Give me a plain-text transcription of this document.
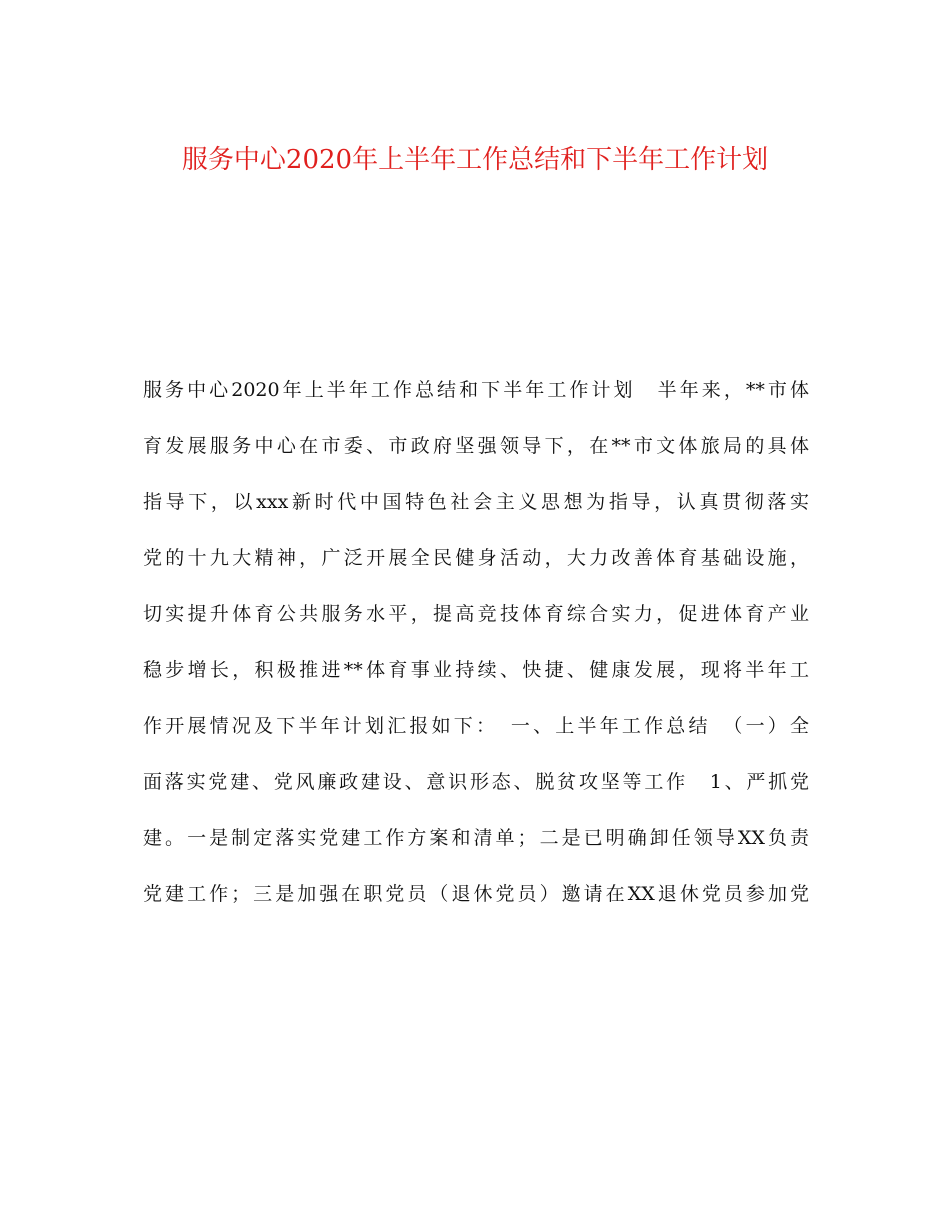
服务中心2020年上半年工作总结和下半年工作计划
服务中心2020年上半年工作总结和下半年工作计划　半年来，**市体
育发展服务中心在市委、市政府坚强领导下，在**市文体旅局的具体
指导下，以xxx新时代中国特色社会主义思想为指导，认真贯彻落实
党的十九大精神，广泛开展全民健身活动，大力改善体育基础设施，
切实提升体育公共服务水平，提高竞技体育综合实力，促进体育产业
稳步增长，积极推进**体育事业持续、快捷、健康发展，现将半年工
作开展情况及下半年计划汇报如下：　一、上半年工作总结　（一）全
面落实党建、党风廉政建设、意识形态、脱贫攻坚等工作　1、严抓党
建。一是制定落实党建工作方案和清单；二是已明确卸任领导XX负责
党建工作；三是加强在职党员（退休党员）邀请在XX退休党员参加党
